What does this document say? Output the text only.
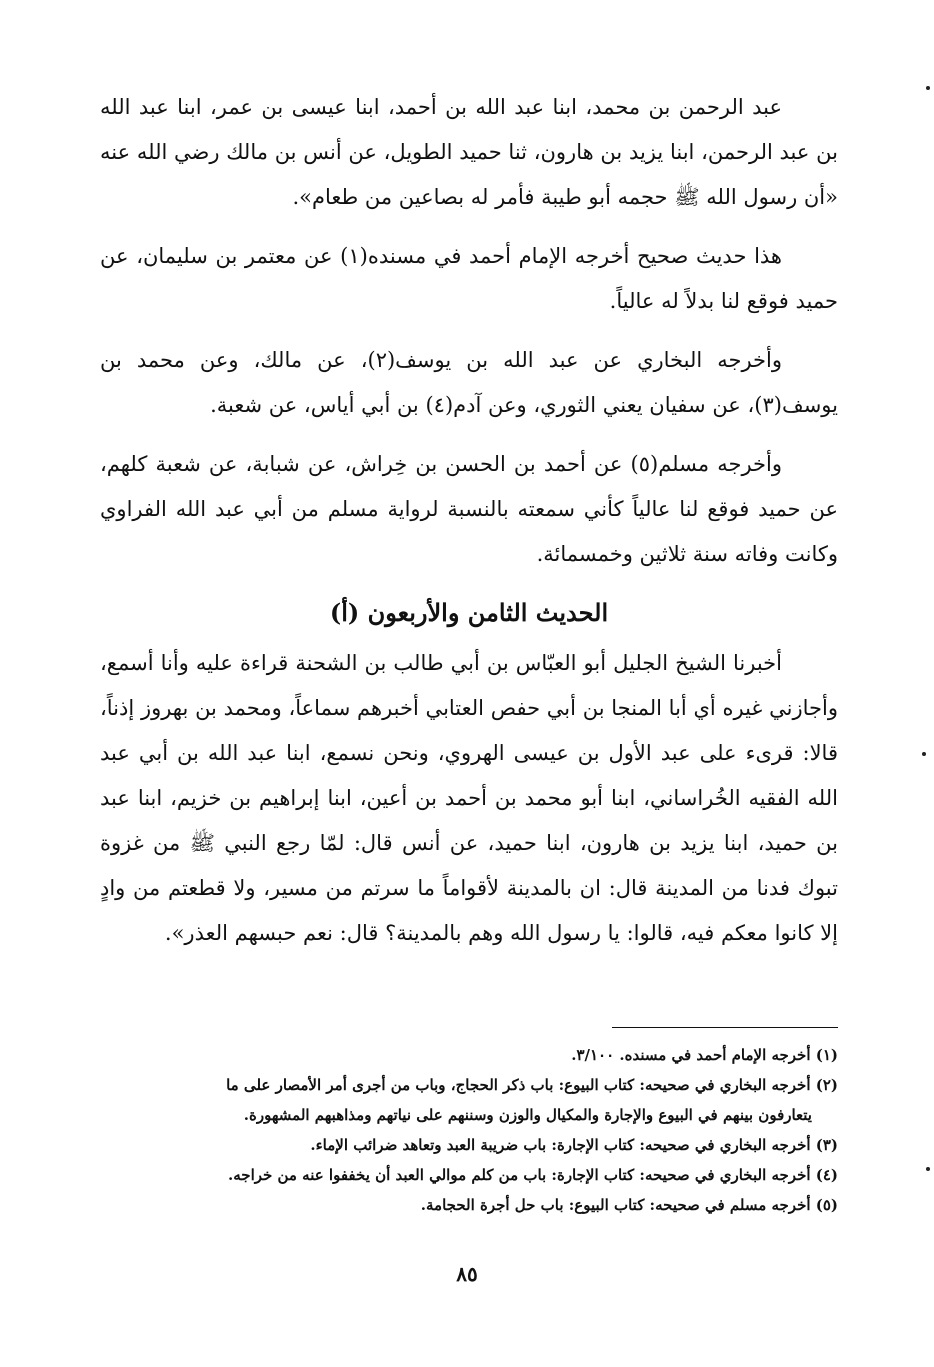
عبد الرحمن بن محمد، ابنا عبد الله بن أحمد، ابنا عيسى بن عمر، ابنا عبد الله بن عبد الرحمن، ابنا يزيد بن هارون، ثنا حميد الطويل، عن أنس بن مالك رضي الله عنه «أن رسول الله ﷺ حجمه أبو طيبة فأمر له بصاعين من طعام».

هذا حديث صحيح أخرجه الإمام أحمد في مسنده(١) عن معتمر بن سليمان، عن حميد فوقع لنا بدلاً له عالياً.

وأخرجه البخاري عن عبد الله بن يوسف(٢)، عن مالك، وعن محمد بن يوسف(٣)، عن سفيان يعني الثوري، وعن آدم(٤) بن أبي أياس، عن شعبة.

وأخرجه مسلم(٥) عن أحمد بن الحسن بن خِراش، عن شبابة، عن شعبة كلهم، عن حميد فوقع لنا عالياً كأني سمعته بالنسبة لرواية مسلم من أبي عبد الله الفراوي وكانت وفاته سنة ثلاثين وخمسمائة.

الحديث الثامن والأربعون (أ)

أخبرنا الشيخ الجليل أبو العبّاس بن أبي طالب بن الشحنة قراءة عليه وأنا أسمع، وأجازني غيره أي أبا المنجا بن أبي حفص العتابي أخبرهم سماعاً، ومحمد بن بهروز إذناً، قالا: قرىء على عبد الأول بن عيسى الهروي، ونحن نسمع، ابنا عبد الله بن أبي عبد الله الفقيه الخُراساني، ابنا أبو محمد بن أحمد بن أعين، ابنا إبراهيم بن خزيم، ابنا عبد بن حميد، ابنا يزيد بن هارون، ابنا حميد، عن أنس قال: لمّا رجع النبي ﷺ من غزوة تبوك فدنا من المدينة قال: ان بالمدينة لأقواماً ما سرتم من مسير، ولا قطعتم من وادٍ إلا كانوا معكم فيه، قالوا: يا رسول الله وهم بالمدينة؟ قال: نعم حبسهم العذر».

(١) أخرجه الإمام أحمد في مسنده. ٣/١٠٠.

(٢) أخرجه البخاري في صحيحه: كتاب البيوع: باب ذكر الحجاج، وباب من أجرى أمر الأمصار على ما

يتعارفون بينهم في البيوع والإجارة والمكيال والوزن وسننهم على نياتهم ومذاهبهم المشهورة.

(٣) أخرجه البخاري في صحيحه: كتاب الإجارة: باب ضريبة العبد وتعاهد ضرائب الإماء.

(٤) أخرجه البخاري في صحيحه: كتاب الإجارة: باب من كلم موالي العبد أن يخففوا عنه من خراجه.

(٥) أخرجه مسلم في صحيحه: كتاب البيوع: باب حل أجرة الحجامة.

٨٥
